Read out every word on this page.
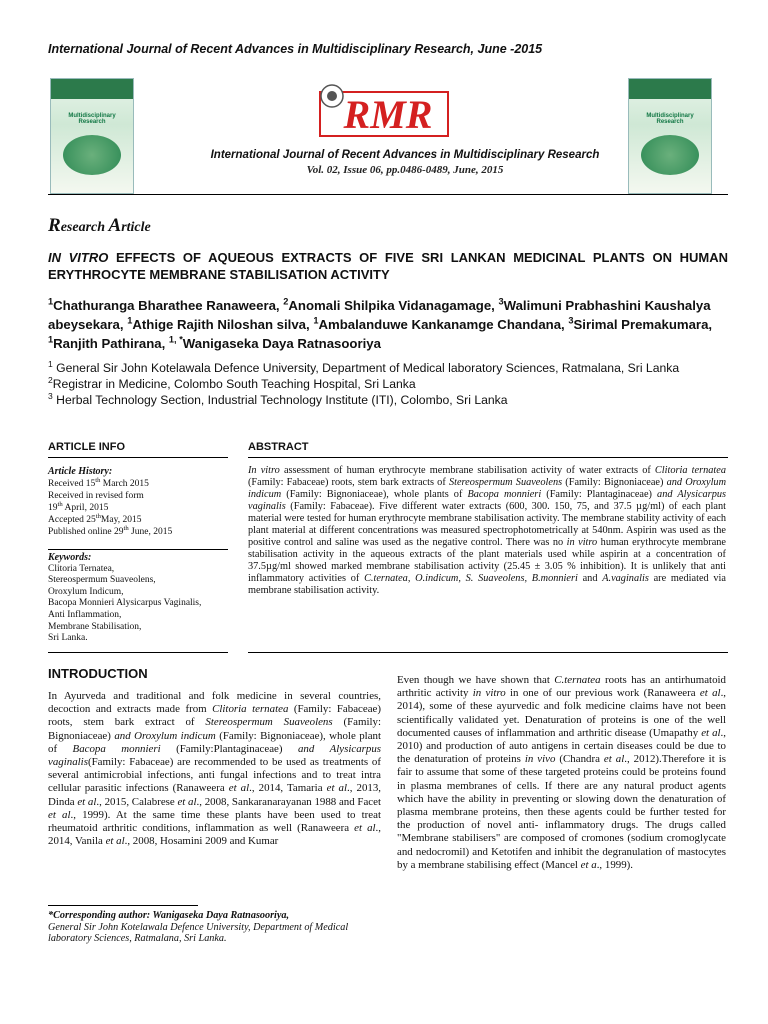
International Journal of Recent Advances in Multidisciplinary Research, June -2015
Multidisciplinary Research
Multidisciplinary Research
RMR
International Journal of Recent Advances in Multidisciplinary Research
Vol. 02, Issue 06, pp.0486-0489, June, 2015
Research Article
IN VITRO EFFECTS OF AQUEOUS EXTRACTS OF FIVE SRI LANKAN MEDICINAL PLANTS ON HUMAN ERYTHROCYTE MEMBRANE STABILISATION ACTIVITY
$^1$Chathuranga Bharathee Ranaweera, $^2$Anomali Shilpika Vidanagamage, $^3$Walimuni Prabhashini Kaushalya abeysekara, $^1$Athige Rajith Niloshan silva, $^1$Ambalanduwe Kankanamge Chandana, $^3$Sirimal Premakumara, $^1$Ranjith Pathirana, $^{1, *}$Wanigaseka Daya Ratnasooriya
$^1$ General Sir John Kotelawala Defence University, Department of Medical laboratory Sciences, Ratmalana, Sri Lanka
$^2$Registrar in Medicine, Colombo South Teaching Hospital, Sri Lanka
$^3$ Herbal Technology Section, Industrial Technology Institute (ITI), Colombo, Sri Lanka
ARTICLE INFO	ABSTRACT
Article History:
Received 15th March 2015
Received in revised form
19th April, 2015
Accepted 25thMay, 2015
Published online 29th June, 2015
Keywords:
Clitoria Ternatea,
Stereospermum Suaveolens,
Oroxylum Indicum,
Bacopa Monnieri Alysicarpus Vaginalis,
Anti Inflammation,
Membrane Stabilisation,
Sri Lanka.
In vitro assessment of human erythrocyte membrane stabilisation activity of water extracts of Clitoria ternatea (Family: Fabaceae) roots, stem bark extracts of Stereospermum Suaveolens (Family: Bignoniaceae) and Oroxylum indicum (Family: Bignoniaceae), whole plants of Bacopa monnieri (Family: Plantaginaceae) and Alysicarpus vaginalis (Family: Fabaceae). Five different water extracts (600, 300. 150, 75, and 37.5 µg/ml) of each plant material were tested for human erythrocyte membrane stabilisation activity. The membrane stability activity of each plant material at different concentrations was measured spectrophotometrically at 540nm. Aspirin was used as the positive control and saline was used as the negative control. There was no in vitro human erythrocyte membrane stabilisation activity in the aqueous extracts of the plant materials used while aspirin at a concentration of 37.5µg/ml showed marked membrane stabilisation activity (25.45 ± 3.05 % inhibition). It is unlikely that anti inflammatory activities of C.ternatea, O.indicum, S. Suaveolens, B.monnieri and A.vaginalis are mediated via membrane stabilisation activity.
INTRODUCTION
In Ayurveda and traditional and folk medicine in several countries, decoction and extracts made from Clitoria ternatea (Family: Fabaceae) roots, stem bark extract of Stereospermum Suaveolens (Family: Bignoniaceae) and Oroxylum indicum (Family: Bignoniaceae), whole plant of Bacopa monnieri (Family:Plantaginaceae) and Alysicarpus vaginalis(Family: Fabaceae) are recommended to be used as treatments of several antimicrobial infections, anti fungal infections and to treat intra cellular parasitic infections (Ranaweera et al., 2014, Tamaria et al., 2013, Dinda et al., 2015, Calabrese et al., 2008, Sankaranarayanan 1988 and Facet et al., 1999). At the same time these plants have been used to treat rheumatoid arthritic conditions, inflammation as well (Ranaweera et al., 2014, Vanila et al., 2008, Hosamini 2009 and Kumar
Even though we have shown that C.ternatea roots has an antirhumatoid arthritic activity in vitro in one of our previous work (Ranaweera et al., 2014), some of these ayurvedic and folk medicine claims have not been scientifically validated yet. Denaturation of proteins is one of the well documented causes of inflammation and arthritic disease (Umapathy et al., 2010) and production of auto antigens in certain diseases could be due to the denaturation of proteins in vivo (Chandra et al., 2012).Therefore it is fair to assume that some of these targeted proteins could be proteins found in plasma membranes of cells. If there are any natural product agents which have the ability in preventing or slowing down the denaturation of plasma membrane proteins, then these agents could be further tested for the production of novel anti- inflammatory drugs. The drugs called "Membrane stabilisers" are composed of cromones (sodium cromoglycate and nedocromil) and Ketotifen and inhibit the degranulation of mastocytes by a membrane stabilising effect (Mancel et a., 1999).
*Corresponding author: Wanigaseka Daya Ratnasooriya,
General Sir John Kotelawala Defence University, Department of Medical laboratory Sciences, Ratmalana, Sri Lanka.
